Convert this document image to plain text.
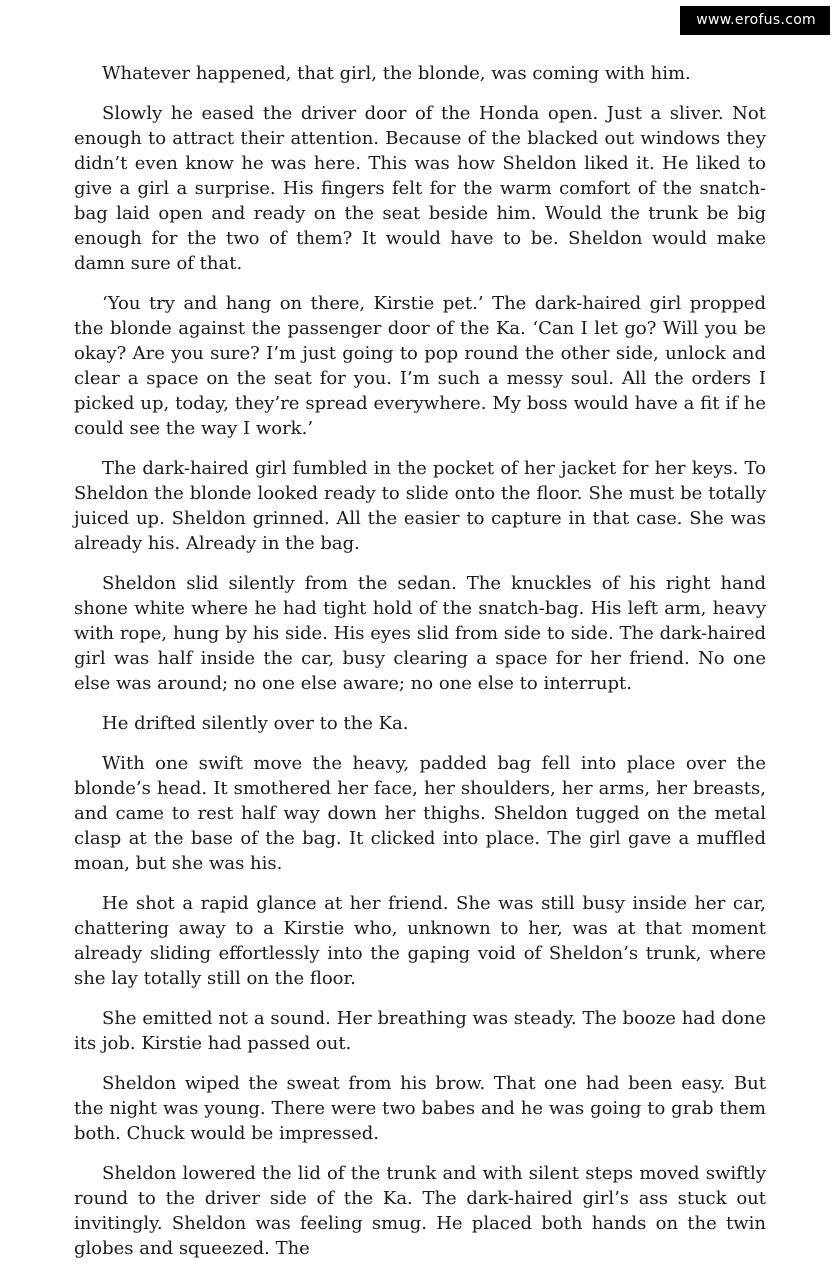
www.erofus.com

Whatever happened, that girl, the blonde, was coming with him.

Slowly he eased the driver door of the Honda open. Just a sliver. Not enough to attract their attention. Because of the blacked out windows they didn’t even know he was here. This was how Sheldon liked it. He liked to give a girl a surprise. His fingers felt for the warm comfort of the snatch-bag laid open and ready on the seat beside him. Would the trunk be big enough for the two of them? It would have to be. Sheldon would make damn sure of that.

‘You try and hang on there, Kirstie pet.’ The dark-haired girl propped the blonde against the passenger door of the Ka. ‘Can I let go? Will you be okay? Are you sure? I’m just going to pop round the other side, unlock and clear a space on the seat for you. I’m such a messy soul. All the orders I picked up, today, they’re spread everywhere. My boss would have a fit if he could see the way I work.’

The dark-haired girl fumbled in the pocket of her jacket for her keys. To Sheldon the blonde looked ready to slide onto the floor. She must be totally juiced up. Sheldon grinned. All the easier to capture in that case. She was already his. Already in the bag.

Sheldon slid silently from the sedan. The knuckles of his right hand shone white where he had tight hold of the snatch-bag. His left arm, heavy with rope, hung by his side. His eyes slid from side to side. The dark-haired girl was half inside the car, busy clearing a space for her friend. No one else was around; no one else aware; no one else to interrupt.

He drifted silently over to the Ka.

With one swift move the heavy, padded bag fell into place over the blonde’s head. It smothered her face, her shoulders, her arms, her breasts, and came to rest half way down her thighs. Sheldon tugged on the metal clasp at the base of the bag. It clicked into place. The girl gave a muffled moan, but she was his.

He shot a rapid glance at her friend. She was still busy inside her car, chattering away to a Kirstie who, unknown to her, was at that moment already sliding effortlessly into the gaping void of Sheldon’s trunk, where she lay totally still on the floor.

She emitted not a sound. Her breathing was steady. The booze had done its job. Kirstie had passed out.

Sheldon wiped the sweat from his brow. That one had been easy. But the night was young. There were two babes and he was going to grab them both. Chuck would be impressed.

Sheldon lowered the lid of the trunk and with silent steps moved swiftly round to the driver side of the Ka. The dark-haired girl’s ass stuck out invitingly. Sheldon was feeling smug. He placed both hands on the twin globes and squeezed. The
